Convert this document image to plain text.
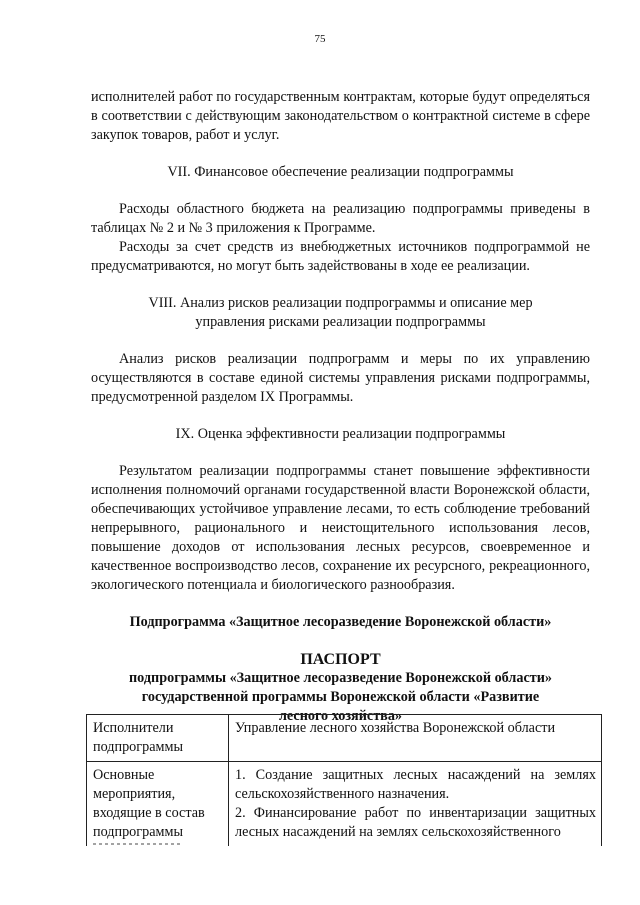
75

исполнителей работ по государственным контрактам, которые будут определяться в соответствии с действующим законодательством о контрактной системе в сфере закупок товаров, работ и услуг.

VII. Финансовое обеспечение реализации подпрограммы

Расходы областного бюджета на реализацию подпрограммы приведены в таблицах № 2 и № 3 приложения к Программе.

Расходы за счет средств из внебюджетных источников подпрограммой не предусматриваются, но могут быть задействованы в ходе ее реализации.

VIII. Анализ рисков реализации подпрограммы и описание мер

управления рисками реализации подпрограммы

Анализ рисков реализации подпрограмм и меры по их управлению осуществляются в составе единой системы управления рисками подпрограммы, предусмотренной разделом IX Программы.

IX. Оценка эффективности реализации подпрограммы

Результатом реализации подпрограммы станет повышение эффективности исполнения полномочий органами государственной власти Воронежской области, обеспечивающих устойчивое управление лесами, то есть соблюдение требований непрерывного, рационального и неистощительного использования лесов, повышение доходов от использования лесных ресурсов, своевременное и качественное воспроизводство лесов, сохранение их ресурсного, рекреационного, экологического потенциала и биологического разнообразия.

Подпрограмма «Защитное лесоразведение Воронежской области»

ПАСПОРТ

подпрограммы «Защитное лесоразведение Воронежской области»

государственной программы Воронежской области «Развитие

лесного хозяйства»

Исполнители подпрограммы	Управление лесного хозяйства Воронежской области
Основные мероприятия, входящие в состав подпрограммы	1. Создание защитных лесных насаждений на землях сельскохозяйственного назначения.
2. Финансирование работ по инвентаризации защитных лесных насаждений на землях сельскохозяйственного
